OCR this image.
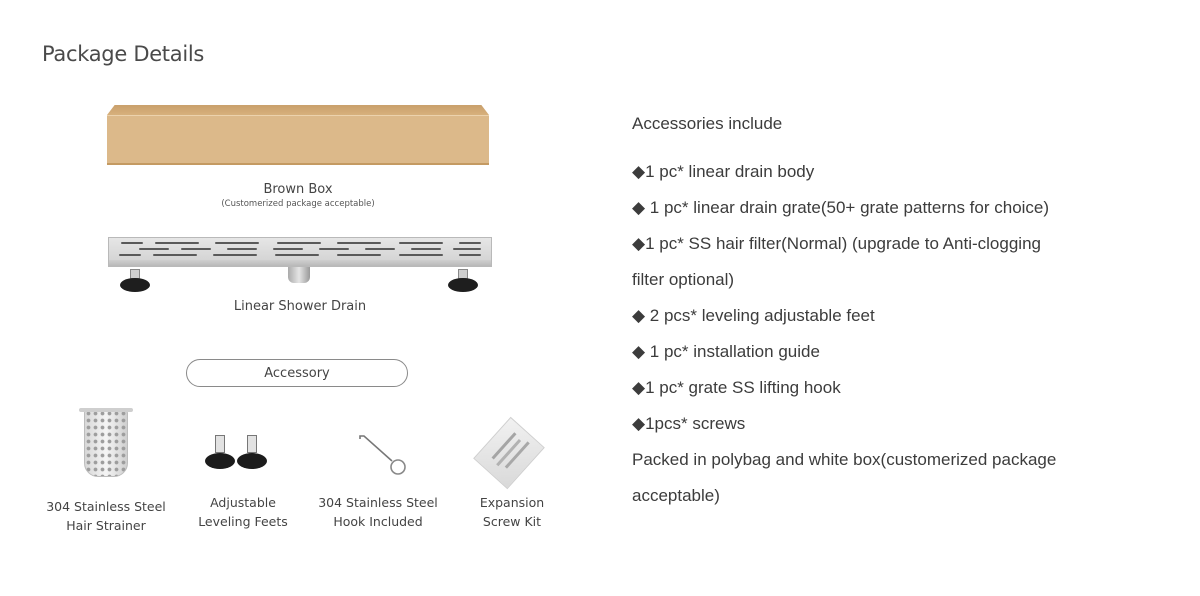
Package Details
Brown Box
(Customerized package acceptable)
Linear Shower Drain
Accessory
304 Stainless Steel
Hair Strainer
Adjustable
Leveling Feets
304 Stainless Steel
Hook Included
Expansion
Screw Kit
Accessories include
◆1 pc* linear drain body
◆ 1 pc* linear drain grate(50+ grate patterns for choice)
◆1 pc* SS hair filter(Normal) (upgrade to Anti-clogging
filter optional)
◆ 2 pcs* leveling adjustable feet
◆ 1 pc* installation guide
◆1 pc* grate SS lifting hook
◆1pcs* screws
Packed in polybag and white box(customerized package
acceptable)
